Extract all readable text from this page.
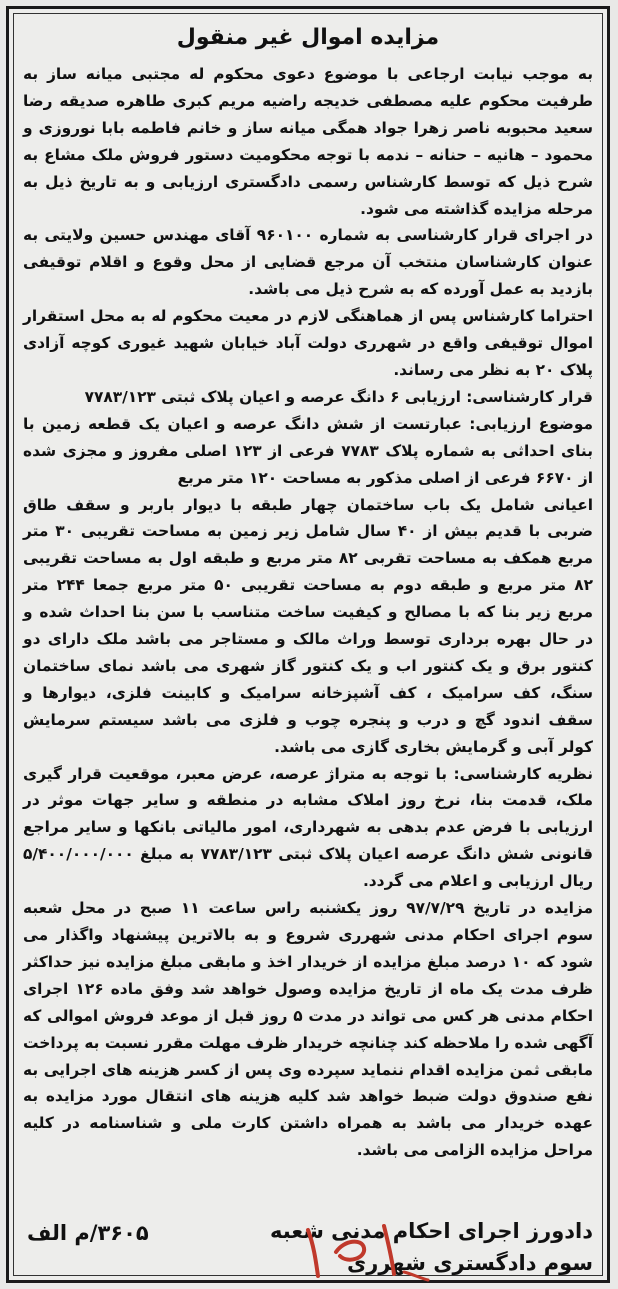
مزایده اموال غیر منقول

به موجب نیابت ارجاعی با موضوع دعوی محکوم له مجتبی میانه ساز به طرفیت محکوم علیه مصطفی خدیجه راضیه مریم کبری طاهره صدیقه رضا سعید محبوبه ناصر زهرا جواد همگی میانه ساز و خانم فاطمه بابا نوروزی و محمود – هانیه – حنانه – ندمه با توجه محکومیت دستور فروش ملک مشاع به شرح ذیل که توسط کارشناس رسمی دادگستری ارزیابی و به تاریخ ذیل به مرحله مزایده گذاشته می شود.

در اجرای قرار کارشناسی به شماره ۹۶۰۱۰۰ آقای مهندس حسین ولایتی به عنوان کارشناسان منتخب آن مرجع قضایی از محل وقوع و اقلام توقیفی بازدید به عمل آورده که به شرح ذیل می باشد.

احتراما کارشناس پس از هماهنگی لازم در معیت محکوم له به محل استقرار اموال توقیفی واقع در شهرری دولت آباد خیابان شهید غیوری کوچه آزادی پلاک ۲۰ به نظر می رساند.

قرار کارشناسی: ارزیابی ۶ دانگ عرصه و اعیان پلاک ثبتی ۷۷۸۳/۱۲۳

موضوع ارزیابی: عبارتست از شش دانگ عرصه و اعیان یک قطعه زمین با بنای احداثی به شماره پلاک ۷۷۸۳ فرعی از ۱۲۳ اصلی مفروز و مجزی شده از ۶۶۷۰ فرعی از اصلی مذکور به مساحت ۱۲۰ متر مربع

اعیانی شامل یک باب ساختمان چهار طبقه با دیوار باربر و سقف طاق ضربی با قدیم بیش از ۴۰ سال شامل زیر زمین به مساحت تقریبی ۳۰ متر مربع همکف به مساحت تقربی ۸۲ متر مربع و طبقه اول به مساحت تقریبی ۸۲ متر مربع و طبقه دوم به مساحت تقریبی ۵۰ متر مربع جمعا ۲۴۴ متر مربع زیر بنا که با مصالح و کیفیت ساخت متناسب با سن بنا احداث شده و در حال بهره برداری توسط وراث مالک و مستاجر می باشد ملک دارای دو کنتور برق و یک کنتور اب و یک کنتور گاز شهری می باشد نمای ساختمان سنگ، کف سرامیک ، کف آشپزخانه سرامیک و کابینت فلزی، دیوارها و سقف اندود گچ و درب و پنجره چوب و فلزی می باشد سیستم سرمایش کولر آبی و گرمایش بخاری گازی می باشد.

نظریه کارشناسی: با توجه به متراژ عرصه، عرض معبر، موقعیت قرار گیری ملک، قدمت بنا، نرخ روز املاک مشابه در منطقه و سایر جهات موثر در ارزیابی با فرض عدم بدهی به شهرداری، امور مالیاتی بانکها و سایر مراجع قانونی شش دانگ عرصه اعیان پلاک ثبتی ۷۷۸۳/۱۲۳ به مبلغ ۵/۴۰۰/۰۰۰/۰۰۰ ریال ارزیابی و اعلام می گردد.

مزایده در تاریخ ۹۷/۷/۲۹ روز یکشنبه راس ساعت ۱۱ صبح در محل شعبه سوم اجرای احکام مدنی شهرری شروع و به بالاترین پیشنهاد واگذار می شود که ۱۰ درصد مبلغ مزایده از خریدار اخذ و مابقی مبلغ مزایده نیز حداکثر ظرف مدت یک ماه از تاریخ مزایده وصول خواهد شد وفق ماده ۱۲۶ اجرای احکام مدنی هر کس می تواند در مدت ۵ روز قبل از موعد فروش اموالی که آگهی شده را ملاحظه کند چنانچه خریدار ظرف مهلت مقرر نسبت به پرداخت مابقی ثمن مزایده اقدام ننماید سپرده وی پس از کسر هزینه های اجرایی به نفع صندوق دولت ضبط خواهد شد کلیه هزینه های انتقال مورد مزایده به عهده خریدار می باشد به همراه داشتن کارت ملی و شناسنامه در کلیه مراحل مزایده الزامی می باشد.

دادورز اجرای احکام مدنی شعبه
سوم دادگستری شهرری
۳۶۰۵/م الف
